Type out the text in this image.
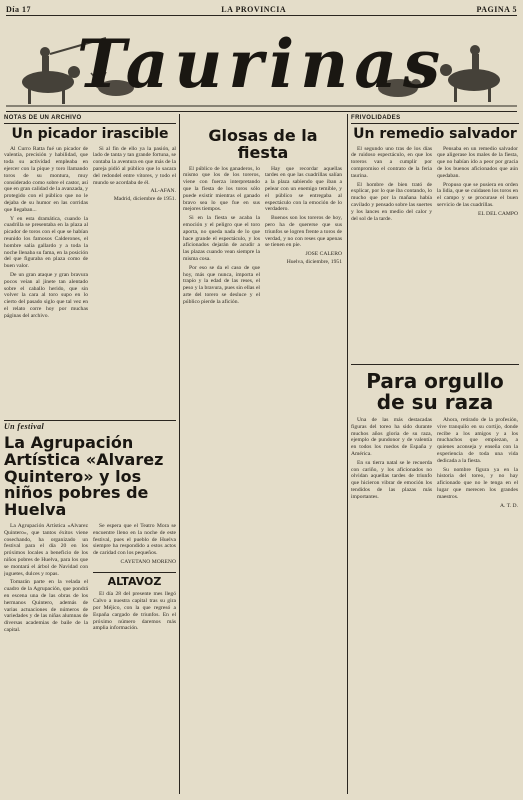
Día 17	LA PROVINCIA	PAGINA 5
Taurinas
NOTAS DE UN ARCHIVO
Un picador irascible

Al Curro Ratta fué un picador de valentía, precisión y habilidad, que toda su actividad empleaba en ejercer con la pique y toro llamando toros de su montura, muy considerado como sobre el castor, así que en gran calidad de la avanzada, y protegido con el público que no le dejaba de su humor en las corridas que llegaban...

Y en esta dramática, cuando la cuadrilla se presentaba en la plaza al picador de toros con el que se habían reunido los famosos Calderones, el hombre salía gallardo y a toda la noche llenaba su fama, en la posición del que figuraba en plaza como de buen valor.

De un gran ataque y gran bravura pocos veían al jinete tan alentado sobre el caballo herido, que sin volver la cara al toro supo en lo cierto del pasado siglo que tal vez en el relato corre hoy por muchas páginas del archivo.

Si al fin de ello ya la pasión, al lado de tanta y tan grande fortuna, se contaba la aventura en que más de la pareja pidió al público que lo sacara del redondel entre vítores, y todo el mundo se acordaba de él.

AL-AFAN.
Madrid, diciembre de 1951.
Un festival
La Agrupación Artística «Alvarez Quintero» y los niños pobres de Huelva

La Agrupación Artística «Alvarez Quintero», que tantos éxitos viene cosechando, ha organizado un festival para el día 20 en los próximos locales a beneficio de los niños pobres de Huelva, para los que se montará el árbol de Navidad con juguetes, dulces y ropas.

Tomarán parte en la velada el cuadro de la Agrupación, que pondrá en escena una de las obras de los hermanos Quintero, además de varias actuaciones de números de variedades y de las niñas alumnas de diversas academias de baile de la capital.

Se espera que el Teatro Mora se encuentre lleno en la noche de este festival, pues el pueblo de Huelva siempre ha respondido a estos actos de caridad con los pequeños.

CAYETANO MORENO
ALTAVOZ

El día 28 del presente mes llegó Calvo a nuestra capital tras su gira por Méjico, con la que regresó a España cargado de triunfos. En el próximo número daremos más amplia información.

Glosas de la fiesta

El público de los ganaderos, lo mismo que los de los toreros, viene con fuerza interpretando que la fiesta de los toros sólo puede existir mientras el ganado bravo sea lo que fue en sus mejores tiempos.

Si en la fiesta se acaba la emoción y el peligro que el toro aporta, no queda nada de lo que hace grande el espectáculo, y los aficionados dejarán de acudir a las plazas cuando vean siempre la misma cosa.

Por eso se da el caso de que hoy, más que nunca, importa el trapío y la edad de las reses, el peso y la bravura, pues sin ellas el arte del torero se desluce y el público pierde la afición.

Hay que recordar aquellas tardes en que las cuadrillas salían a la plaza sabiendo que iban a pelear con un enemigo temible, y el público se entregaba al espectáculo con la emoción de lo verdadero.

Buenos son los toreros de hoy, pero ha de quererse que sus triunfos se logren frente a toros de verdad, y no con reses que apenas se tienen en pie.

JOSE CALERO
Huelva, diciembre, 1951
FRIVOLIDADES
Un remedio salvador

El segundo uno tras de los días de ruidoso espectáculo, en que los toreros van a cumplir por compromiso el contrato de la feria taurina.

El hombre de bien trató de explicar, por lo que iba contando, lo mucho que por la mañana había cavilado y pensado sobre las suertes y los lances en medio del calor y del sol de la tarde.

Pensaba en un remedio salvador que aligerase los males de la fiesta, que no habían ido a peor por gracia de los buenos aficionados que aún quedaban.

Propuso que se pusiera en orden la lidia, que se cuidasen los toros en el campo y se procurase el buen servicio de las cuadrillas.

EL DEL CAMPO
Para orgullo de su raza

Una de las más destacadas figuras del toreo ha sido durante muchos años gloria de su raza, ejemplo de pundonor y de valentía en todos los ruedos de España y América.

En su tierra natal se le recuerda con cariño, y los aficionados no olvidan aquellas tardes de triunfo que hicieron vibrar de emoción los tendidos de las plazas más importantes.

Ahora, retirado de la profesión, vive tranquilo en su cortijo, donde recibe a los amigos y a los muchachos que empiezan, a quienes aconseja y enseña con la experiencia de toda una vida dedicada a la fiesta.

Su nombre figura ya en la historia del toreo, y no hay aficionado que no le tenga en el lugar que merecen los grandes maestros.

A. T. D.
